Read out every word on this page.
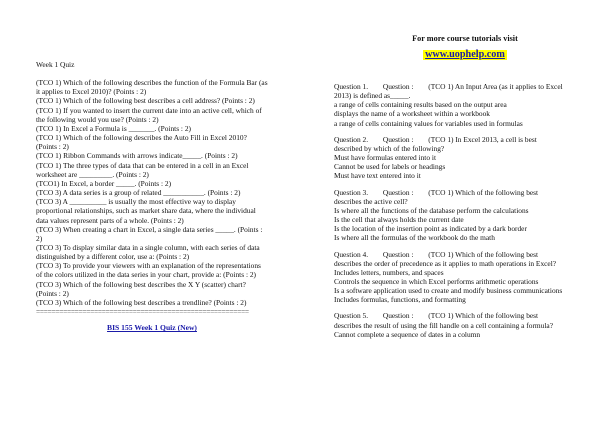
Week 1 Quiz

(TCO 1) Which of the following describes the function of the Formula Bar (as it applies to Excel 2010)? (Points : 2)

(TCO 1) Which of the following best describes a cell address? (Points : 2)

(TCO 1) If you wanted to insert the current date into an active cell, which of the following would you use? (Points : 2)

(TCO 1) In Excel a Formula is _______. (Points : 2)

(TCO 1) Which of the following describes the Auto Fill in Excel 2010? (Points : 2)

(TCO 1) Ribbon Commands with arrows indicate_____. (Points : 2)

(TCO 1) The three types of data that can be entered in a cell in an Excel worksheet are _________. (Points : 2)

(TCO1) In Excel, a border _____. (Points : 2)

(TCO 3) A data series is a group of related ___________. (Points : 2)

(TCO 3) A __________ is usually the most effective way to display proportional relationships, such as market share data, where the individual data values represent parts of a whole. (Points : 2)

(TCO 3) When creating a chart in Excel, a single data series _____. (Points : 2)

(TCO 3) To display similar data in a single column, with each series of data distinguished by a different color, use a: (Points : 2)

(TCO 3) To provide your viewers with an explanation of the representations of the colors utilized in the data series in your chart, provide a: (Points : 2)

(TCO 3) Which of the following best describes the X Y (scatter) chart? (Points : 2)

(TCO 3) Which of the following best describes a trendline? (Points : 2)

=======================================================

BIS 155 Week 1 Quiz (New)
For more course tutorials visit
www.uophelp.com

Question 1.        Question :        (TCO 1) An Input Area (as it applies to Excel 2013) is defined as_____.

a range of cells containing results based on the output area

displays the name of a worksheet within a workbook

a range of cells containing values for variables used in formulas

Question 2.        Question :        (TCO 1) In Excel 2013, a cell is best described by which of the following?

Must have formulas entered into it

Cannot be used for labels or headings

Must have text entered into it

Question 3.        Question :        (TCO 1) Which of the following best describes the active cell?

Is where all the functions of the database perform the calculations

Is the cell that always holds the current date

Is the location of the insertion point as indicated by a dark border

Is where all the formulas of the workbook do the math

Question 4.        Question :        (TCO 1) Which of the following best describes the order of precedence as it applies to math operations in Excel?

Includes letters, numbers, and spaces

Controls the sequence in which Excel performs arithmetic operations

Is a software application used to create and modify business communications

Includes formulas, functions, and formatting

Question 5.        Question :        (TCO 1) Which of the following best describes the result of using the fill handle on a cell containing a formula?

Cannot complete a sequence of dates in a column
